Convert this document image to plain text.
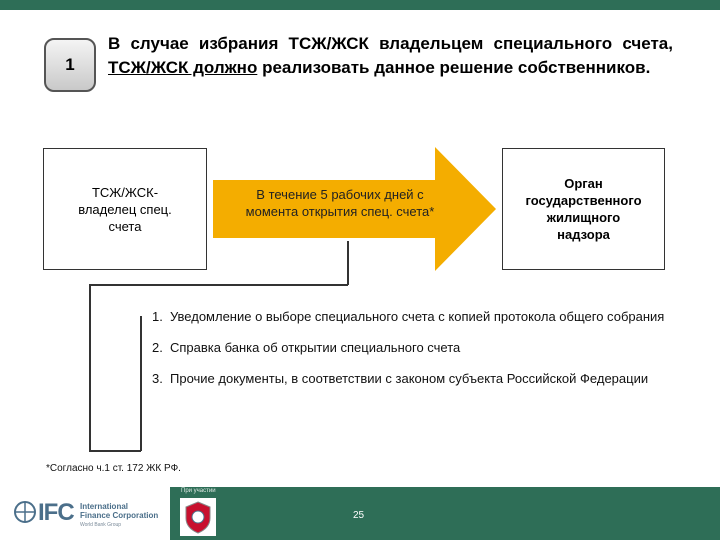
1
В случае избрания ТСЖ/ЖСК владельцем специального счета, ТСЖ/ЖСК должно реализовать данное решение собственников.
ТСЖ/ЖСК-
владелец спец.
счета
В течение 5 рабочих дней с
момента открытия спец. счета*
Орган
государственного
жилищного
надзора
1. Уведомление о выборе специального счета с копией протокола общего собрания
2. Справка банка об открытии специального счета
3. Прочие документы, в соответствии с законом субъекта Российской Федерации
*Согласно ч.1 ст. 172 ЖК РФ.
IFC International
Finance Corporation
World Bank Group
При участии
25
